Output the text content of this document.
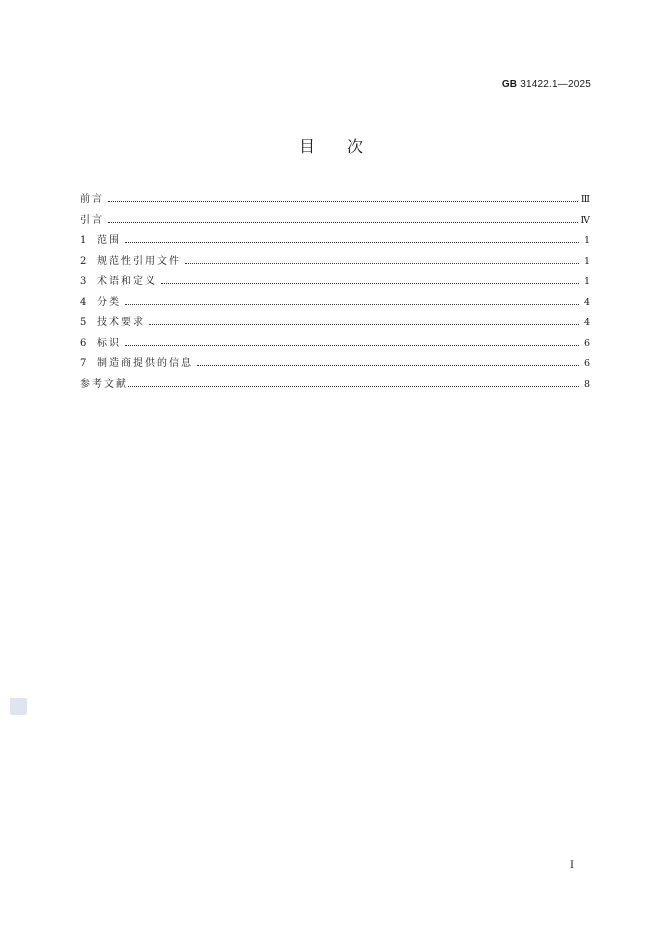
GB 31422.1—2025
目次
前言	Ⅲ
引言	Ⅳ
1	范围	1
2	规范性引用文件	1
3	术语和定义	1
4	分类	4
5	技术要求	4
6	标识	6
7	制造商提供的信息	6
参考文献	8
Ⅰ
